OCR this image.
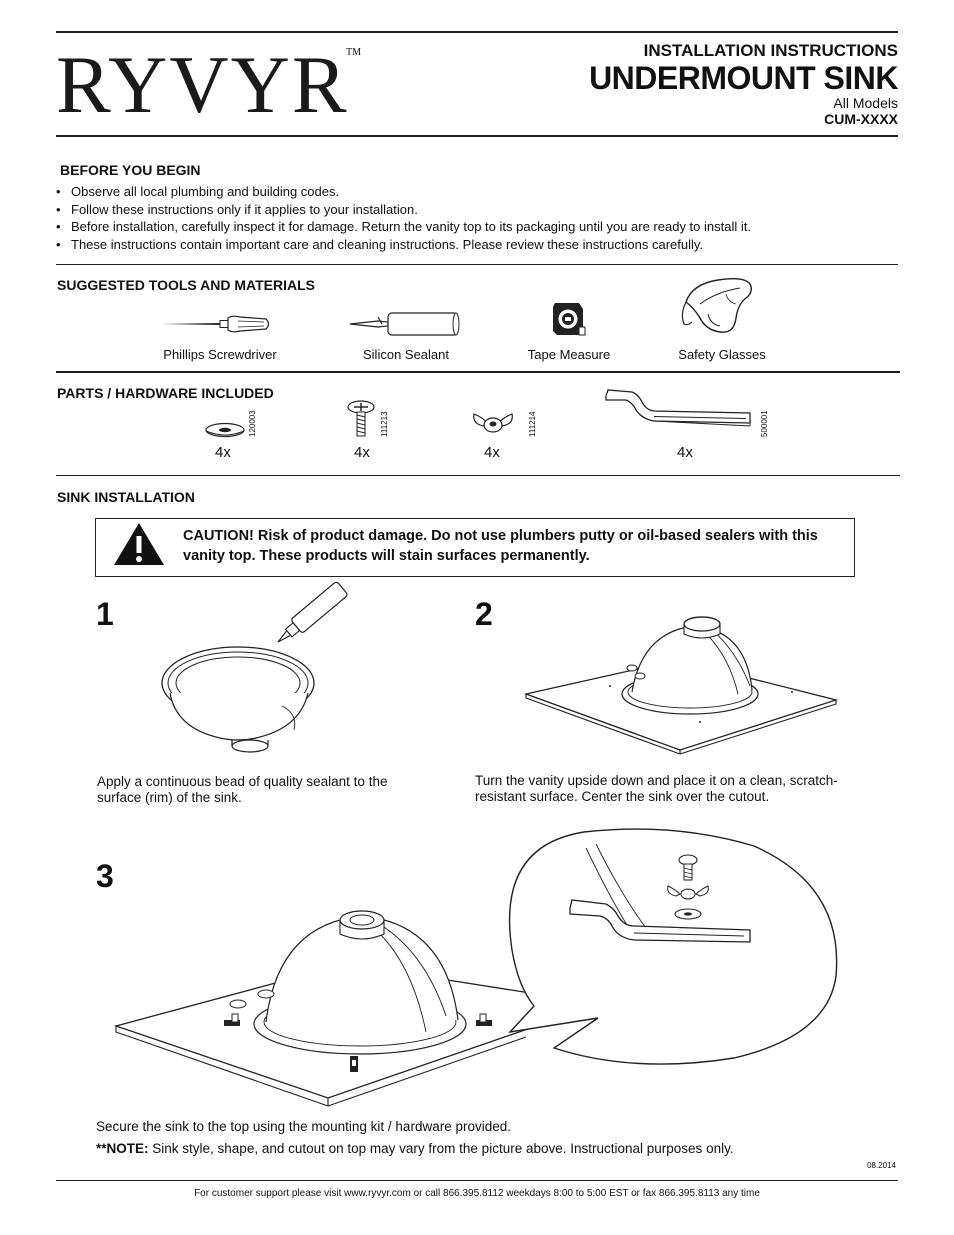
RYVYR
TM	INSTALLATION INSTRUCTIONS
UNDERMOUNT SINK
All Models
CUM-XXXX
BEFORE YOU BEGIN
• Observe all local plumbing and building codes.
• Follow these instructions only if it applies to your installation.
• Before installation, carefully inspect it for damage. Return the vanity top to its packaging until you are ready to install it.
• These instructions contain important care and cleaning instructions. Please review these instructions carefully.
SUGGESTED TOOLS AND MATERIALS
Phillips Screwdriver	Silicon Sealant	Tape Measure	Safety Glasses
PARTS / HARDWARE INCLUDED
120003	111213	111214	500001
4x	4x	4x	4x
SINK INSTALLATION
CAUTION! Risk of product damage. Do not use plumbers putty or oil-based sealers with this vanity top. These products will stain surfaces permanently.
1
Apply a continuous bead of quality sealant to the surface (rim) of the sink.
2
Turn the vanity upside down and place it on a clean, scratch-resistant surface. Center the sink over the cutout.
3
Secure the sink to the top using the mounting kit / hardware provided.
**NOTE: Sink style, shape, and cutout on top may vary from the picture above. Instructional purposes only.
08.2014
For customer support please visit www.ryvyr.com or call 866.395.8112 weekdays 8:00 to 5:00 EST or fax 866.395.8113 any time
